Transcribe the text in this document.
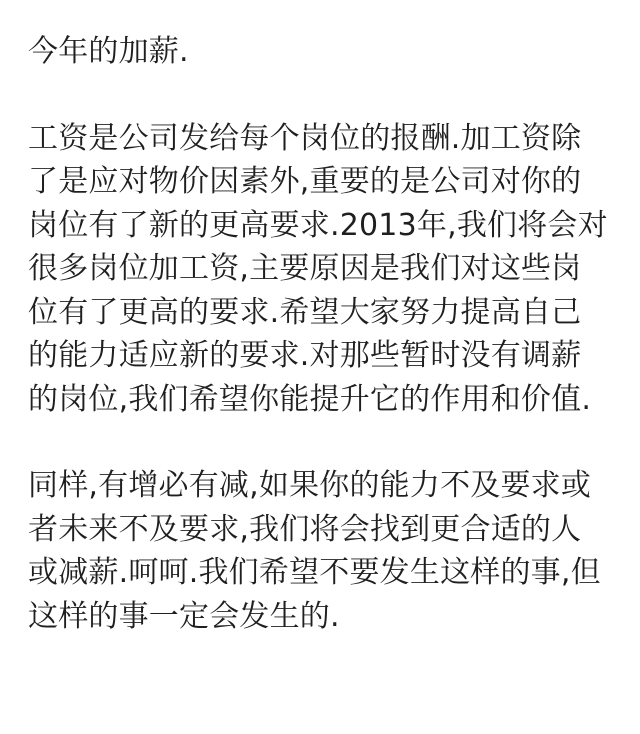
今年的加薪.

工资是公司发给每个岗位的报酬.加工资除
了是应对物价因素外,重要的是公司对你的
岗位有了新的更高要求.2013年,我们将会对
很多岗位加工资,主要原因是我们对这些岗
位有了更高的要求.希望大家努力提高自己
的能力适应新的要求.对那些暂时没有调薪
的岗位,我们希望你能提升它的作用和价值.

同样,有增必有减,如果你的能力不及要求或
者未来不及要求,我们将会找到更合适的人
或减薪.呵呵.我们希望不要发生这样的事,但
这样的事一定会发生的.
